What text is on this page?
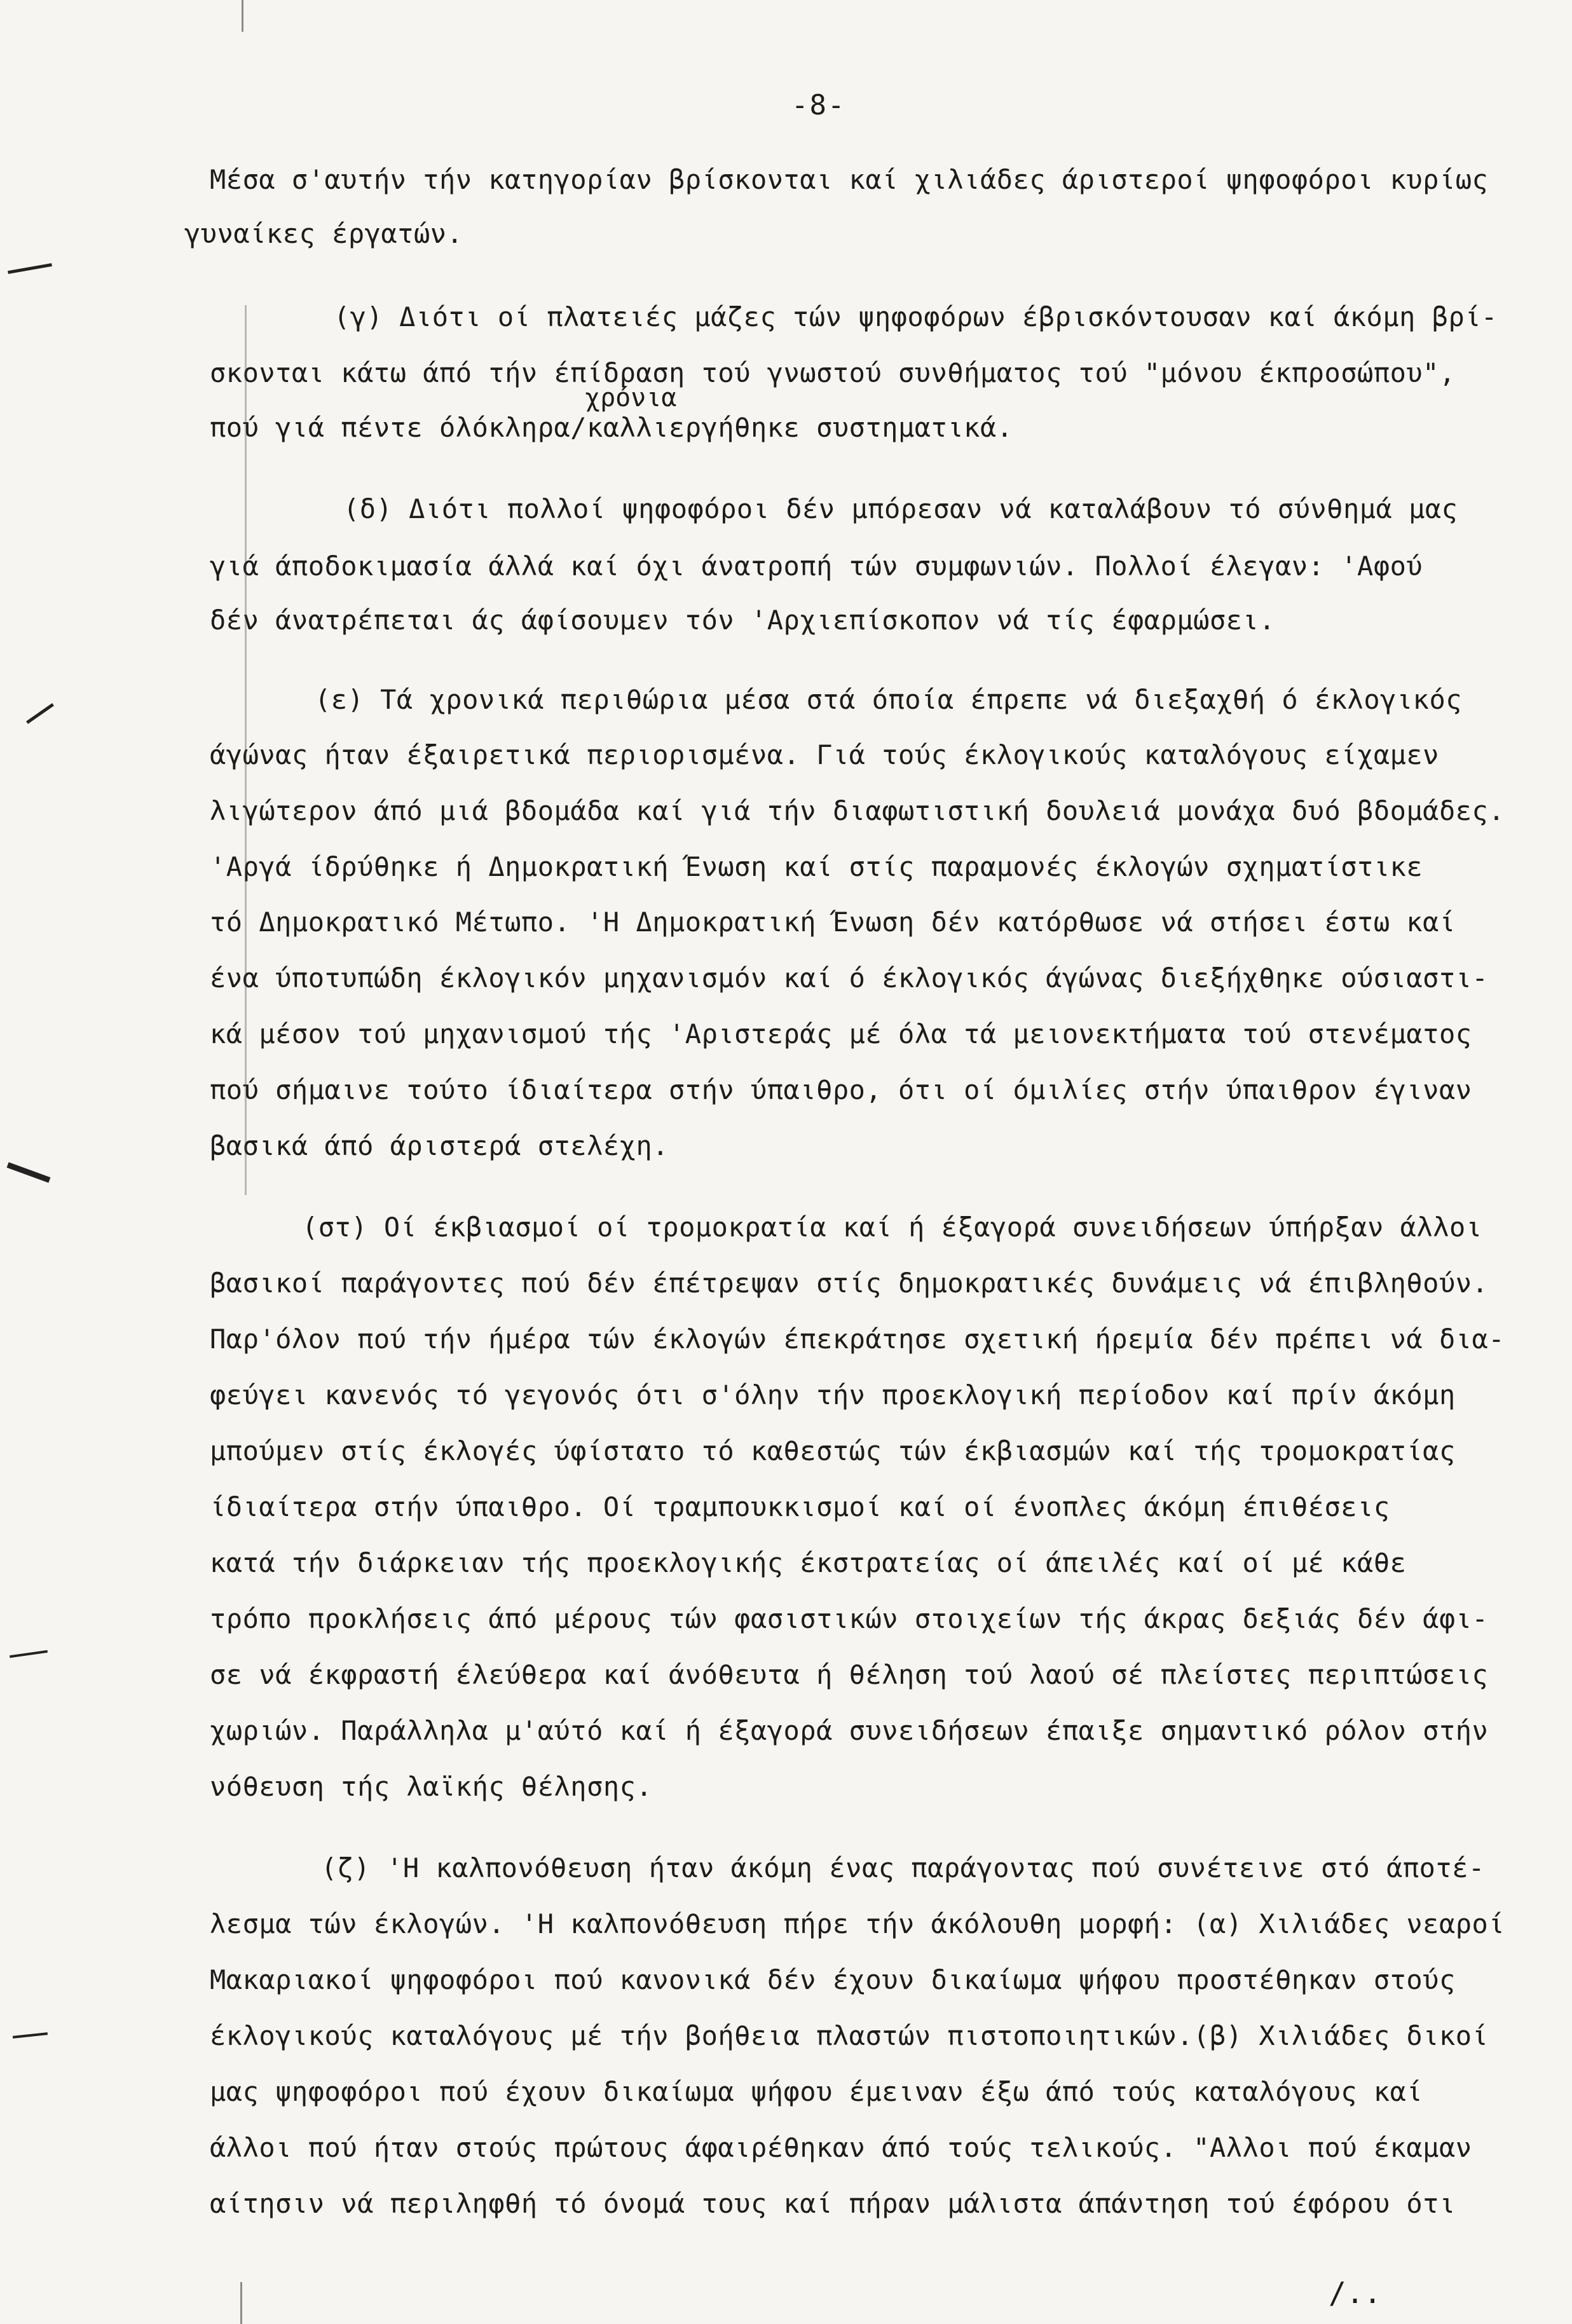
-8-
Μέσα σ'αυτήν τήν κατηγορίαν βρίσκονται καί χιλιάδες άριστεροί ψηφοφόροι κυρίως
γυναίκες έργατών.
(γ) Διότι οί πλατειές μάζες τών ψηφοφόρων έβρισκόντουσαν καί άκόμη βρί-
σκονται κάτω άπό τήν έπίδραση τού γνωστού συνθήματος τού "μόνου έκπροσώπου",
χρόνια
πού γιά πέντε όλόκληρα/καλλιεργήθηκε συστηματικά.
(δ) Διότι πολλοί ψηφοφόροι δέν μπόρεσαν νά καταλάβουν τό σύνθημά μας
γιά άποδοκιμασία άλλά καί όχι άνατροπή τών συμφωνιών. Πολλοί έλεγαν: 'Αφού
δέν άνατρέπεται άς άφίσουμεν τόν 'Αρχιεπίσκοπον νά τίς έφαρμώσει.
(ε) Τά χρονικά περιθώρια μέσα στά όποία έπρεπε νά διεξαχθή ό έκλογικός
άγώνας ήταν έξαιρετικά περιορισμένα. Γιά τούς έκλογικούς καταλόγους είχαμεν
λιγώτερον άπό μιά βδομάδα καί γιά τήν διαφωτιστική δουλειά μονάχα δυό βδομάδες.
'Αργά ίδρύθηκε ή Δημοκρατική Ένωση καί στίς παραμονές έκλογών σχηματίστικε
τό Δημοκρατικό Μέτωπο. 'Η Δημοκρατική Ένωση δέν κατόρθωσε νά στήσει έστω καί
ένα ύποτυπώδη έκλογικόν μηχανισμόν καί ό έκλογικός άγώνας διεξήχθηκε ούσιαστι-
κά μέσον τού μηχανισμού τής 'Αριστεράς μέ όλα τά μειονεκτήματα τού στενέματος
πού σήμαινε τούτο ίδιαίτερα στήν ύπαιθρο, ότι οί όμιλίες στήν ύπαιθρον έγιναν
βασικά άπό άριστερά στελέχη.
(στ) Οί έκβιασμοί οί τρομοκρατία καί ή έξαγορά συνειδήσεων ύπήρξαν άλλοι
βασικοί παράγοντες πού δέν έπέτρεψαν στίς δημοκρατικές δυνάμεις νά έπιβληθούν.
Παρ'όλον πού τήν ήμέρα τών έκλογών έπεκράτησε σχετική ήρεμία δέν πρέπει νά δια-
φεύγει κανενός τό γεγονός ότι σ'όλην τήν προεκλογική περίοδον καί πρίν άκόμη
μπούμεν στίς έκλογές ύφίστατο τό καθεστώς τών έκβιασμών καί τής τρομοκρατίας
ίδιαίτερα στήν ύπαιθρο. Οί τραμπουκκισμοί καί οί ένοπλες άκόμη έπιθέσεις
κατά τήν διάρκειαν τής προεκλογικής έκστρατείας οί άπειλές καί οί μέ κάθε
τρόπο προκλήσεις άπό μέρους τών φασιστικών στοιχείων τής άκρας δεξιάς δέν άφι-
σε νά έκφραστή έλεύθερα καί άνόθευτα ή θέληση τού λαού σέ πλείστες περιπτώσεις
χωριών. Παράλληλα μ'αύτό καί ή έξαγορά συνειδήσεων έπαιξε σημαντικό ρόλον στήν
νόθευση τής λαϊκής θέλησης.
(ζ) 'Η καλπονόθευση ήταν άκόμη ένας παράγοντας πού συνέτεινε στό άποτέ-
λεσμα τών έκλογών. 'Η καλπονόθευση πήρε τήν άκόλουθη μορφή: (α) Χιλιάδες νεαροί
Μακαριακοί ψηφοφόροι πού κανονικά δέν έχουν δικαίωμα ψήφου προστέθηκαν στούς
έκλογικούς καταλόγους μέ τήν βοήθεια πλαστών πιστοποιητικών.(β) Χιλιάδες δικοί
μας ψηφοφόροι πού έχουν δικαίωμα ψήφου έμειναν έξω άπό τούς καταλόγους καί
άλλοι πού ήταν στούς πρώτους άφαιρέθηκαν άπό τούς τελικούς. "Αλλοι πού έκαμαν
αίτησιν νά περιληφθή τό όνομά τους καί πήραν μάλιστα άπάντηση τού έφόρου ότι
/..
